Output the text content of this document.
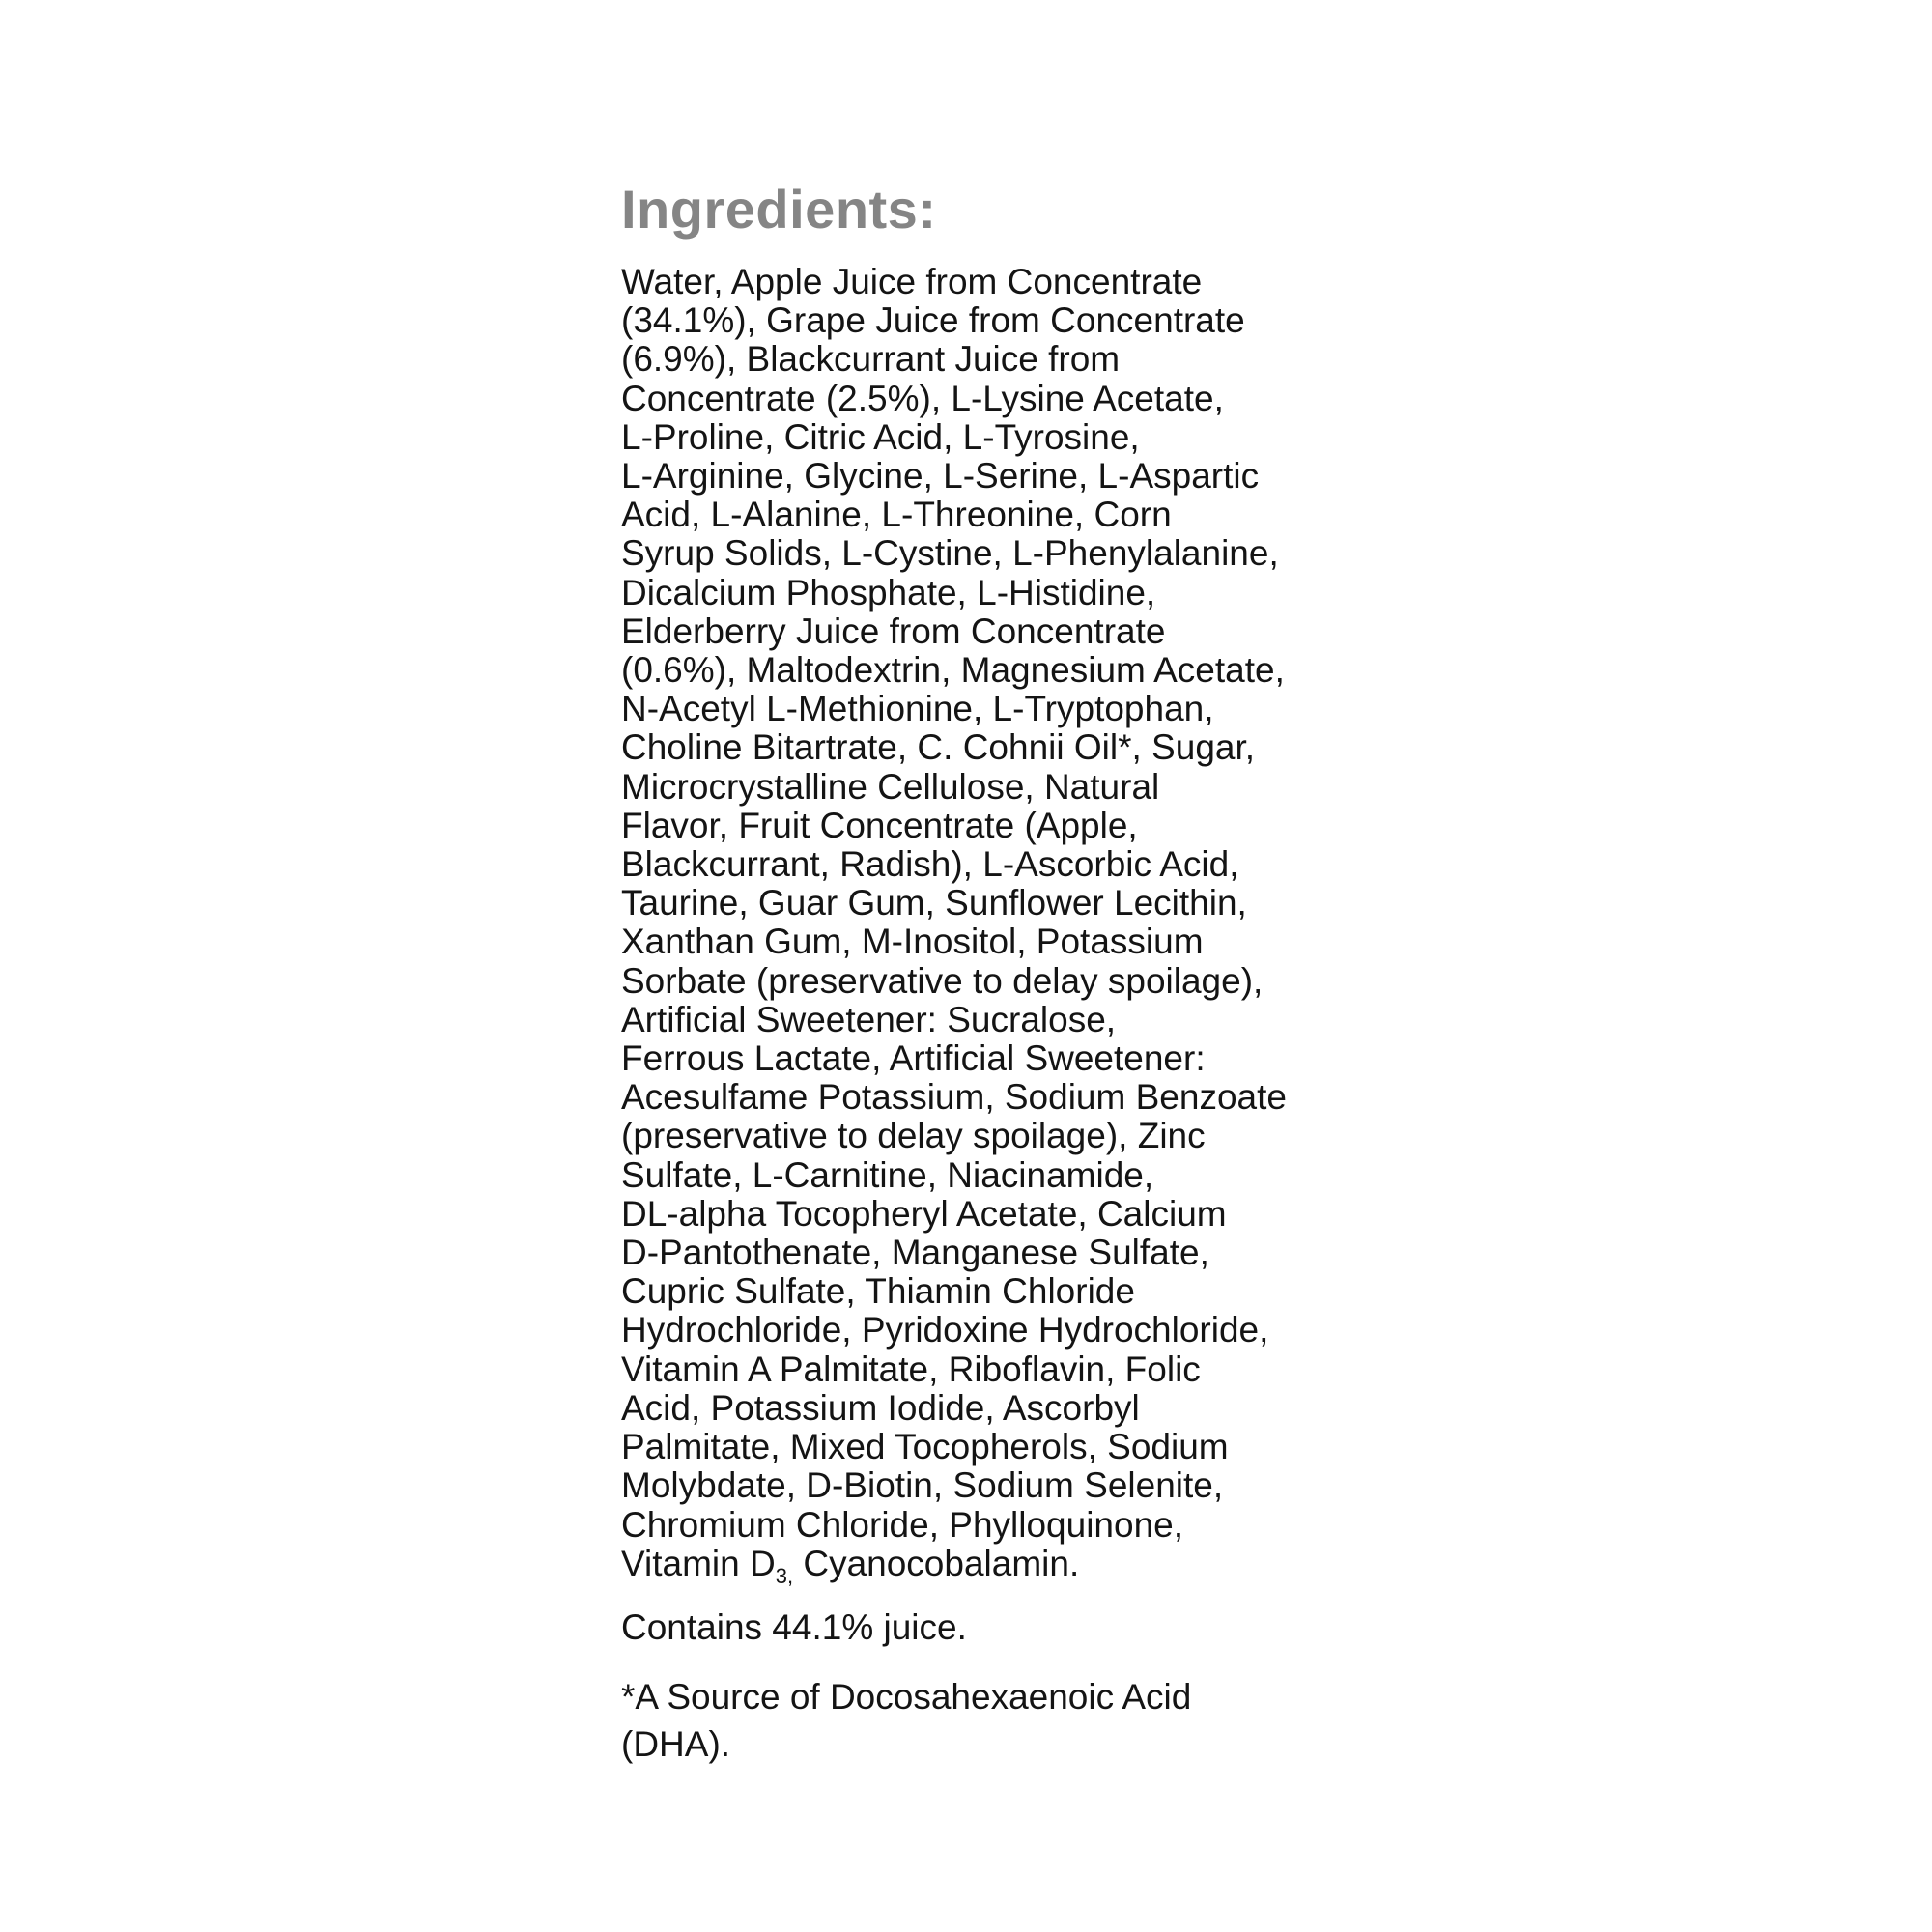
Ingredients:

Water, Apple Juice from Concentrate
(34.1%), Grape Juice from Concentrate
(6.9%), Blackcurrant Juice from
Concentrate (2.5%), L-Lysine Acetate,
L-Proline, Citric Acid, L-Tyrosine,
L-Arginine, Glycine, L-Serine, L-Aspartic
Acid, L-Alanine, L-Threonine, Corn
Syrup Solids, L-Cystine, L-Phenylalanine,
Dicalcium Phosphate, L-Histidine,
Elderberry Juice from Concentrate
(0.6%), Maltodextrin, Magnesium Acetate,
N-Acetyl L-Methionine, L-Tryptophan,
Choline Bitartrate, C. Cohnii Oil*, Sugar,
Microcrystalline Cellulose, Natural
Flavor, Fruit Concentrate (Apple,
Blackcurrant, Radish), L-Ascorbic Acid,
Taurine, Guar Gum, Sunflower Lecithin,
Xanthan Gum, M-Inositol, Potassium
Sorbate (preservative to delay spoilage),
Artificial Sweetener: Sucralose,
Ferrous Lactate, Artificial Sweetener:
Acesulfame Potassium, Sodium Benzoate
(preservative to delay spoilage), Zinc
Sulfate, L-Carnitine, Niacinamide,
DL-alpha Tocopheryl Acetate, Calcium
D-Pantothenate, Manganese Sulfate,
Cupric Sulfate, Thiamin Chloride
Hydrochloride, Pyridoxine Hydrochloride,
Vitamin A Palmitate, Riboflavin, Folic
Acid, Potassium Iodide, Ascorbyl
Palmitate, Mixed Tocopherols, Sodium
Molybdate, D-Biotin, Sodium Selenite,
Chromium Chloride, Phylloquinone,
Vitamin $D_{3,}$ Cyanocobalamin.

Contains 44.1% juice.

*A Source of Docosahexaenoic Acid
(DHA).
